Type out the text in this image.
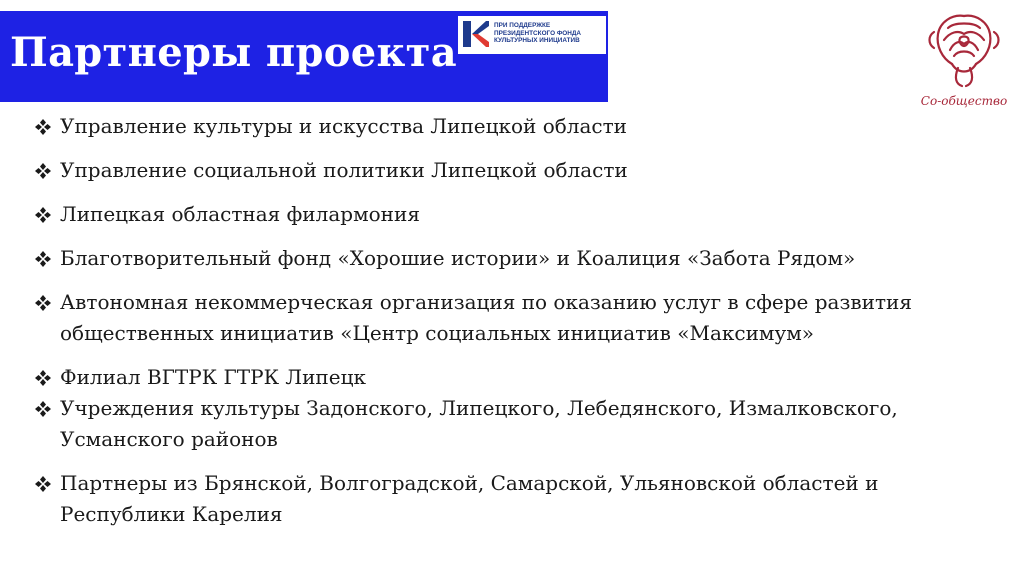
Партнеры проекта
ПРИ ПОДДЕРЖКЕ
ПРЕЗИДЕНТСКОГО ФОНДА
КУЛЬТУРНЫХ ИНИЦИАТИВ
Со-общество
Управление культуры и искусства Липецкой области
Управление социальной политики Липецкой области
Липецкая областная филармония
Благотворительный фонд «Хорошие истории» и Коалиция «Забота Рядом»
Автономная некоммерческая организация по оказанию услуг в сфере развития общественных инициатив «Центр социальных инициатив «Максимум»
Филиал ВГТРК ГТРК Липецк
Учреждения культуры Задонского, Липецкого, Лебедянского, Измалковского, Усманского районов
Партнеры из Брянской, Волгоградской, Самарской, Ульяновской областей и Республики Карелия
